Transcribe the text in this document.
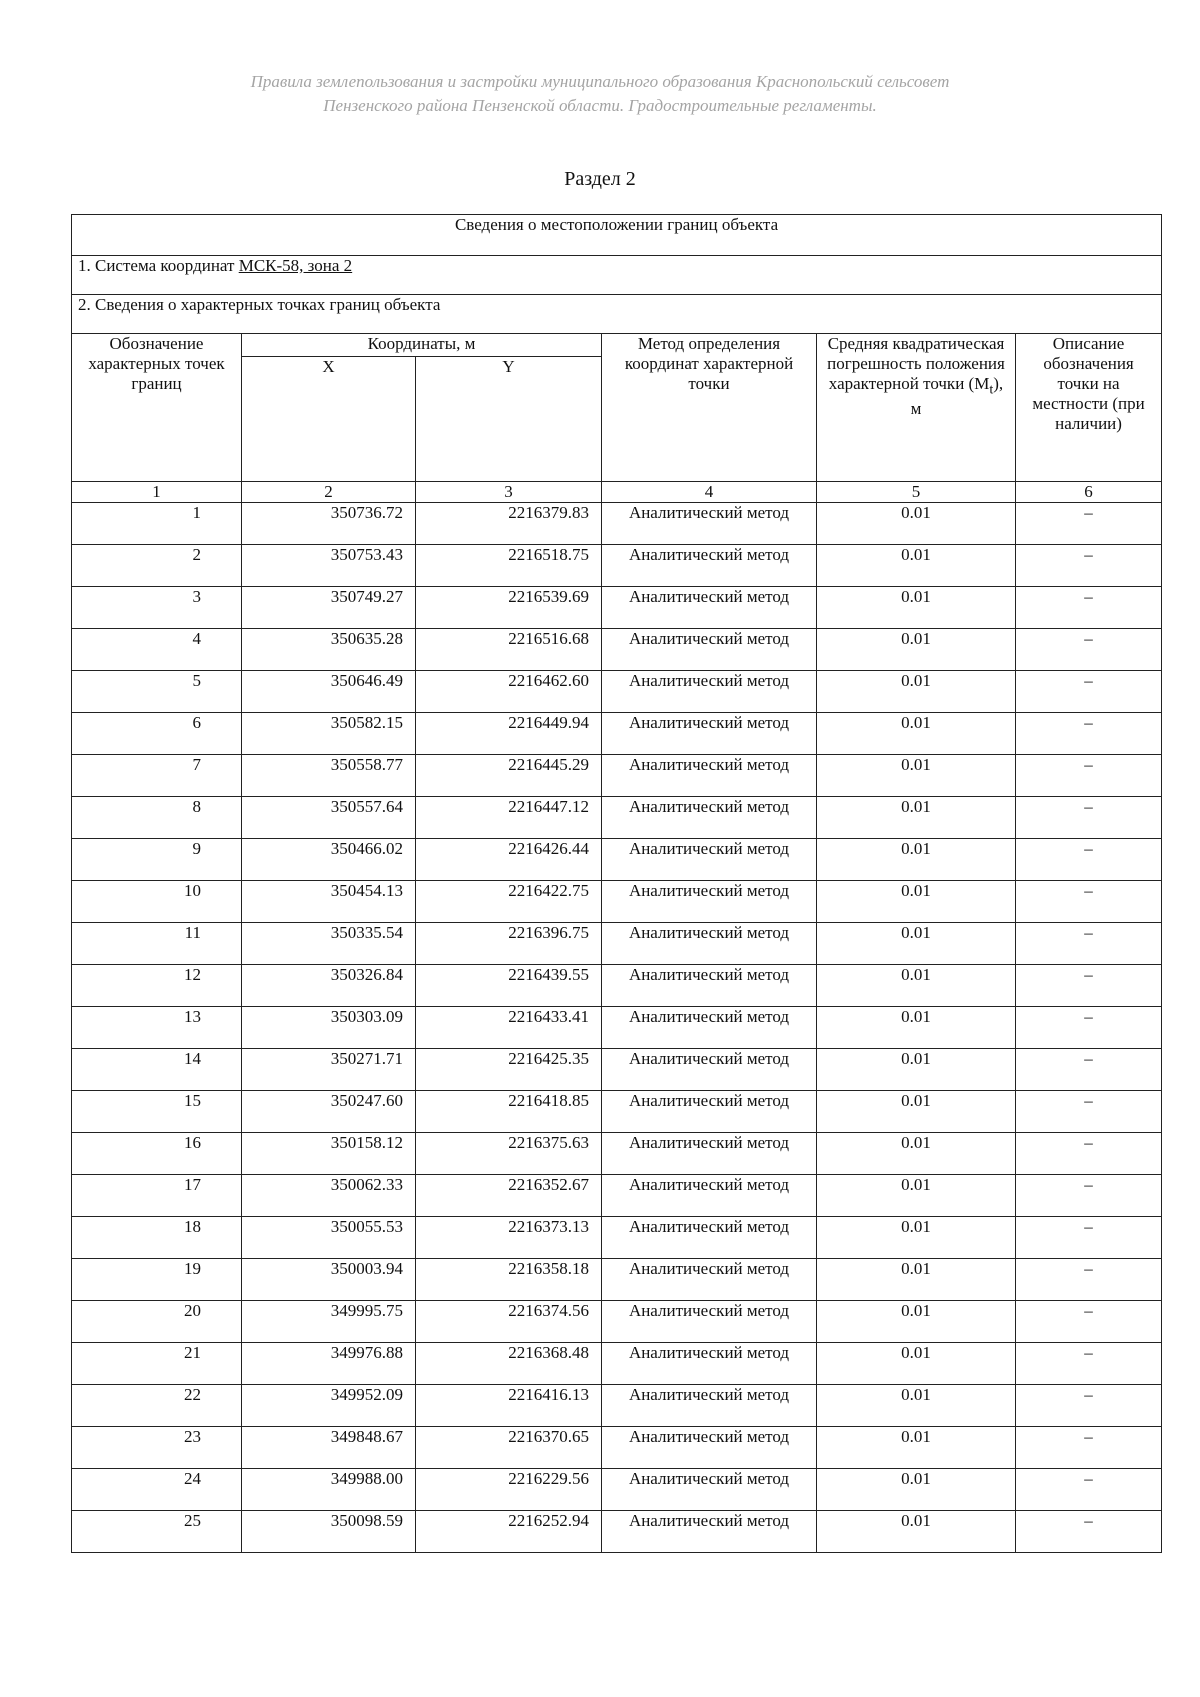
Правила землепользования и застройки муниципального образования Краснопольский сельсовет
Пензенского района Пензенской области. Градостроительные регламенты.
Раздел 2
Сведения о местоположении границ объекта					
1. Система координат МСК-58, зона 2					
2. Сведения о характерных точках границ объекта					
Обозначение характерных точек границ	Координаты, м		Метод определения координат характерной точки	Средняя квадратическая погрешность положения характерной точки $(M_t)$, м	Описание обозначения точки на местности (при наличии)
	X	Y			
1	2	3	4	5	6
1	350736.72	2216379.83	Аналитический метод	0.01	–
2	350753.43	2216518.75	Аналитический метод	0.01	–
3	350749.27	2216539.69	Аналитический метод	0.01	–
4	350635.28	2216516.68	Аналитический метод	0.01	–
5	350646.49	2216462.60	Аналитический метод	0.01	–
6	350582.15	2216449.94	Аналитический метод	0.01	–
7	350558.77	2216445.29	Аналитический метод	0.01	–
8	350557.64	2216447.12	Аналитический метод	0.01	–
9	350466.02	2216426.44	Аналитический метод	0.01	–
10	350454.13	2216422.75	Аналитический метод	0.01	–
11	350335.54	2216396.75	Аналитический метод	0.01	–
12	350326.84	2216439.55	Аналитический метод	0.01	–
13	350303.09	2216433.41	Аналитический метод	0.01	–
14	350271.71	2216425.35	Аналитический метод	0.01	–
15	350247.60	2216418.85	Аналитический метод	0.01	–
16	350158.12	2216375.63	Аналитический метод	0.01	–
17	350062.33	2216352.67	Аналитический метод	0.01	–
18	350055.53	2216373.13	Аналитический метод	0.01	–
19	350003.94	2216358.18	Аналитический метод	0.01	–
20	349995.75	2216374.56	Аналитический метод	0.01	–
21	349976.88	2216368.48	Аналитический метод	0.01	–
22	349952.09	2216416.13	Аналитический метод	0.01	–
23	349848.67	2216370.65	Аналитический метод	0.01	–
24	349988.00	2216229.56	Аналитический метод	0.01	–
25	350098.59	2216252.94	Аналитический метод	0.01	–
